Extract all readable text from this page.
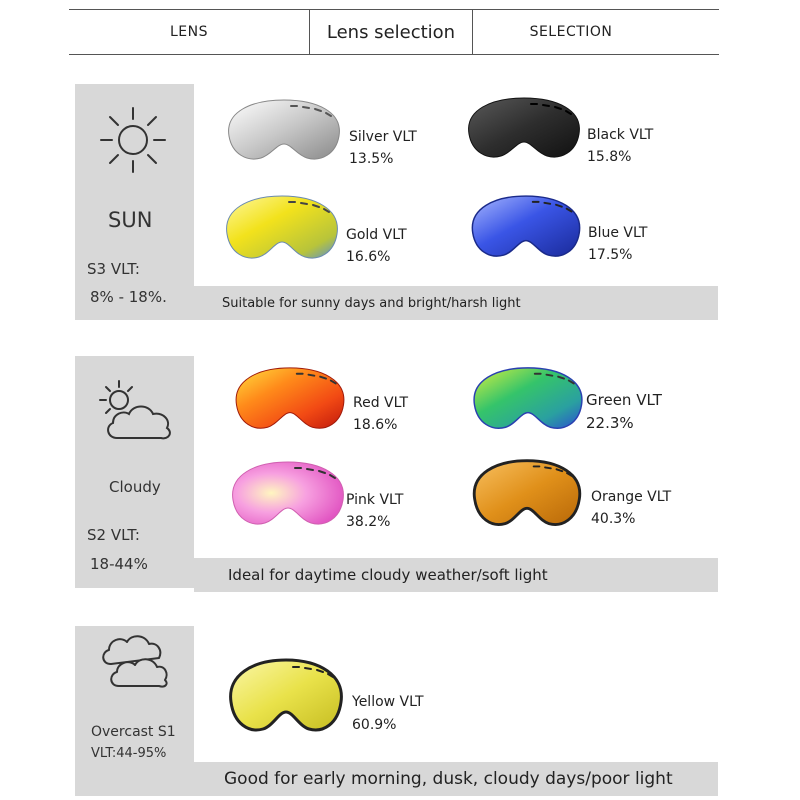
LENS	Lens selection	SELECTION
Suitable for sunny days and bright/harsh light
SUN
S3 VLT:
8% - 18%.
Silver VLT
13.5%
Black VLT
15.8%
Gold VLT
16.6%
Blue VLT
17.5%
Ideal for daytime cloudy weather/soft light
Cloudy
S2 VLT:
18-44%
Red VLT
18.6%
Green VLT
22.3%
Pink VLT
38.2%
Orange VLT
40.3%
Good for early morning, dusk, cloudy days/poor light
Overcast S1
VLT:44-95%
Yellow VLT
60.9%
